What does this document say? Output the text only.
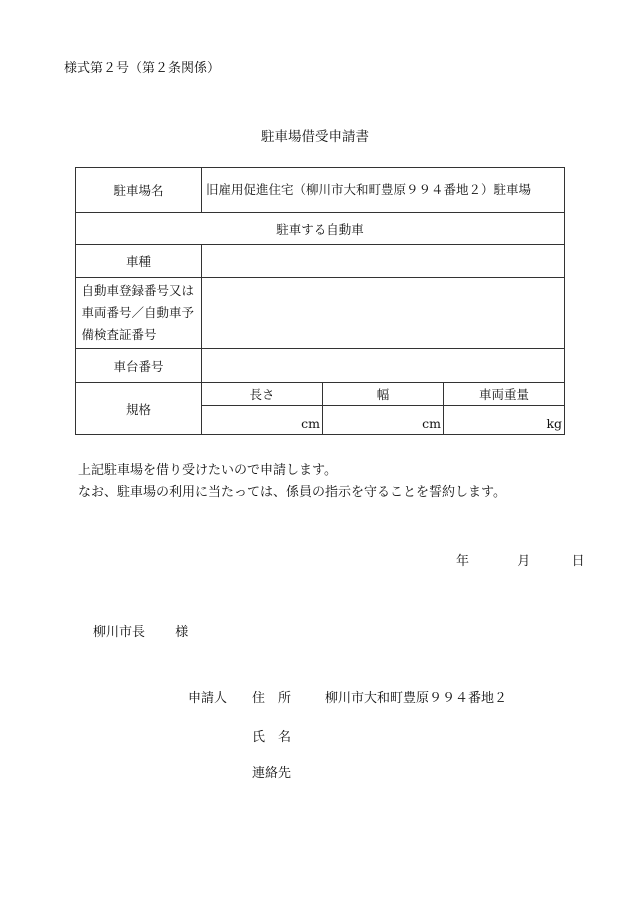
様式第２号（第２条関係）
駐車場借受申請書
駐車場名	旧雇用促進住宅（柳川市大和町豊原９９４番地２）駐車場		
駐車する自動車			
車種			

自動車登録番号又は車両番号／自動車予備検査証番号			

車台番号			
規格	長さ	幅	車両重量
	cm	cm	kg
上記駐車場を借り受けたいので申請します。
なお、駐車場の利用に当たっては、係員の指示を守ることを誓約します。
年	月	日
柳川市長 様
申請人 住　所	柳川市大和町豊原９９４番地２
氏　名
連絡先
